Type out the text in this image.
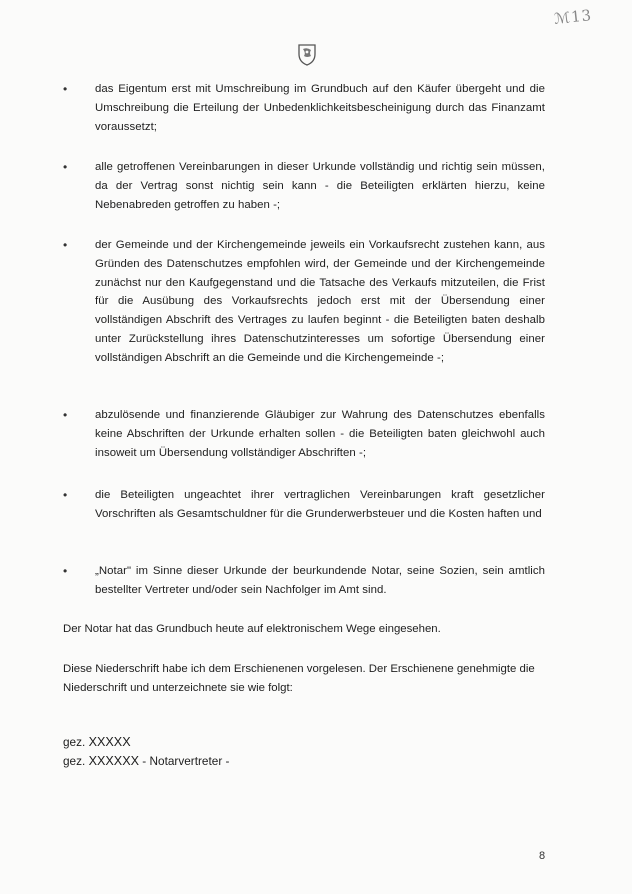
ℳ13
• das Eigentum erst mit Umschreibung im Grundbuch auf den Käufer übergeht und die Umschreibung die Erteilung der Unbedenklichkeitsbescheinigung durch das Finanzamt voraussetzt;
• alle getroffenen Vereinbarungen in dieser Urkunde vollständig und richtig sein müssen, da der Vertrag sonst nichtig sein kann - die Beteiligten erklärten hierzu, keine Nebenabreden getroffen zu haben -;
• der Gemeinde und der Kirchengemeinde jeweils ein Vorkaufsrecht zustehen kann, aus Gründen des Datenschutzes empfohlen wird, der Gemeinde und der Kirchengemeinde zunächst nur den Kaufgegenstand und die Tatsache des Verkaufs mitzuteilen, die Frist für die Ausübung des Vorkaufsrechts jedoch erst mit der Übersendung einer vollständigen Abschrift des Vertrages zu laufen beginnt - die Beteiligten baten deshalb unter Zurückstellung ihres Datenschutzinteresses um sofortige Übersendung einer vollständigen Abschrift an die Gemeinde und die Kirchengemeinde -;
• abzulösende und finanzierende Gläubiger zur Wahrung des Datenschutzes ebenfalls keine Abschriften der Urkunde erhalten sollen - die Beteiligten baten gleichwohl auch insoweit um Übersendung vollständiger Abschriften -;
• die Beteiligten ungeachtet ihrer vertraglichen Vereinbarungen kraft gesetzlicher Vorschriften als Gesamtschuldner für die Grunderwerbsteuer und die Kosten haften und
• „Notar" im Sinne dieser Urkunde der beurkundende Notar, seine Sozien, sein amtlich bestellter Vertreter und/oder sein Nachfolger im Amt sind.
Der Notar hat das Grundbuch heute auf elektronischem Wege eingesehen.
Diese Niederschrift habe ich dem Erschienenen vorgelesen. Der Erschienene genehmigte die Niederschrift und unterzeichnete sie wie folgt:
gez. XXXXX
gez. XXXXXX - Notarvertreter -
8
